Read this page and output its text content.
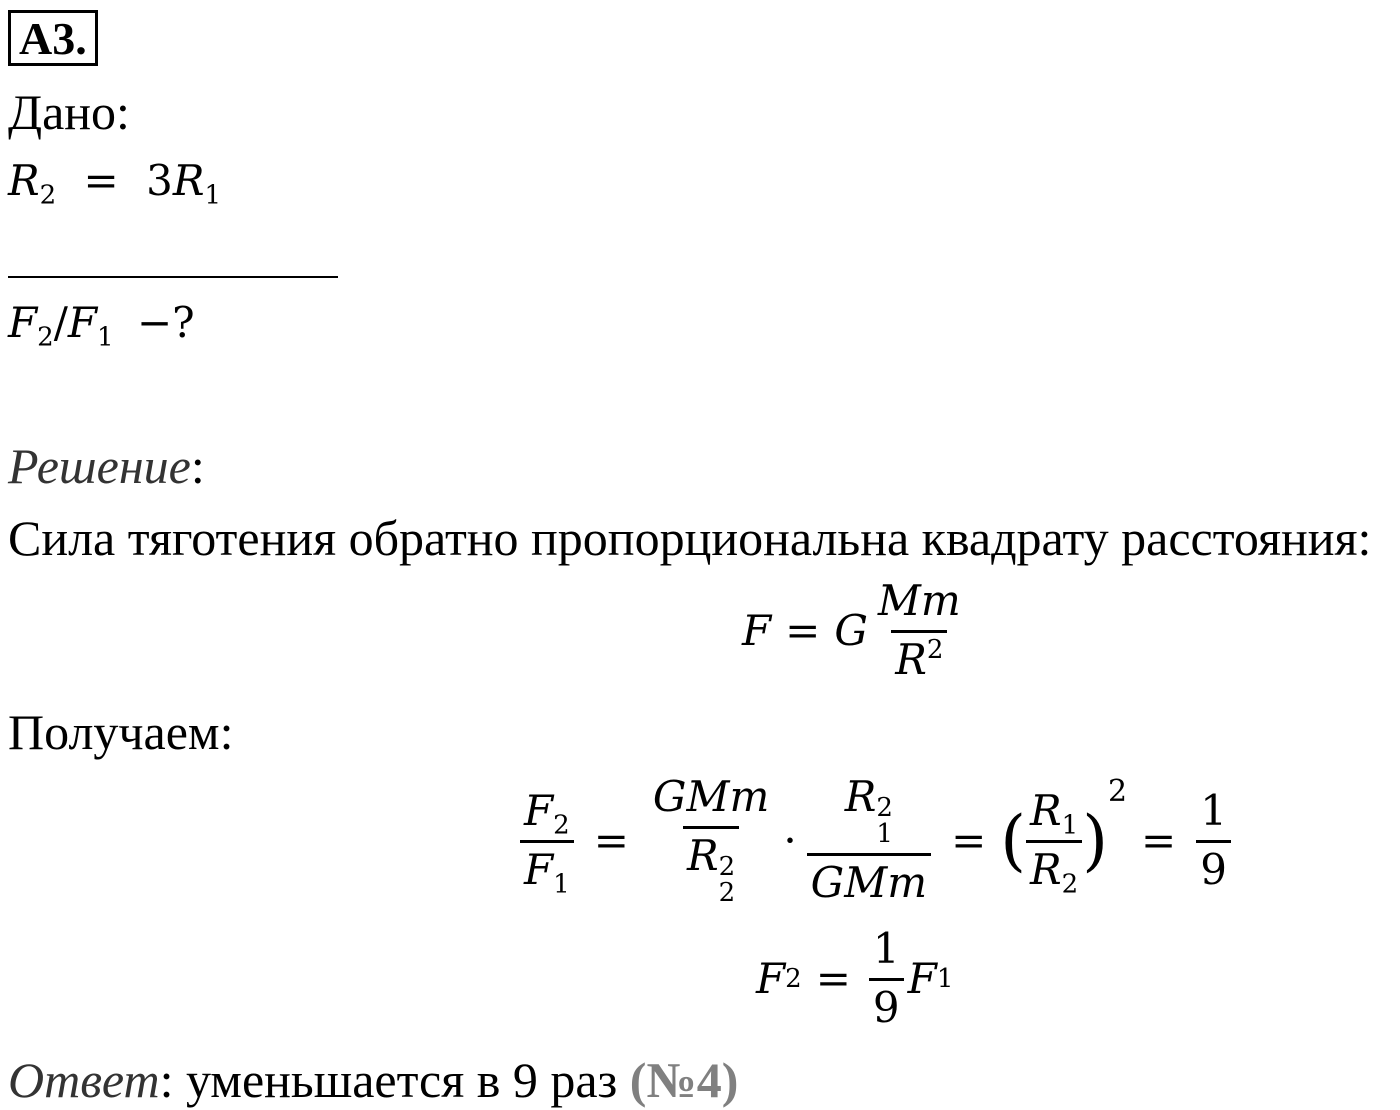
А3.
Дано:
$R_2 = 3R_1$
$F_2/F_1$ −?
Решение:
Сила тяготения обратно пропорциональна квадрату расстояния:
F = G $\frac{Mm}{R^2}$
Получаем:
$\frac{F_2}{F_1}$ = GMm
R 2
2 · R 2
1
GMm = ( $\frac{R_1}{R_2}$ )
2
= $\frac{1}{9}$
F $2 = \frac{1}{9}$ F 1
Ответ: уменьшается в 9 раз (№4)
